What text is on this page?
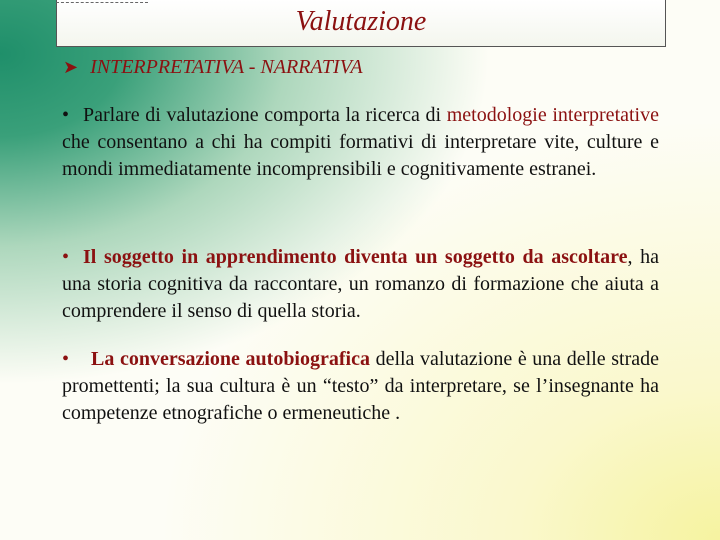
Valutazione
➤ INTERPRETATIVA - NARRATIVA
• Parlare di valutazione comporta la ricerca di metodologie interpretative che consentano a chi ha compiti formativi di interpretare vite, culture e mondi immediatamente incomprensibili e cognitivamente estranei.
• Il soggetto in apprendimento diventa un soggetto da ascoltare, ha una storia cognitiva da raccontare, un romanzo di formazione che aiuta a comprendere il senso di quella storia.
• La conversazione autobiografica della valutazione è una delle strade promettenti; la sua cultura è un “testo” da interpretare, se l’insegnante ha competenze etnografiche o ermeneutiche .
